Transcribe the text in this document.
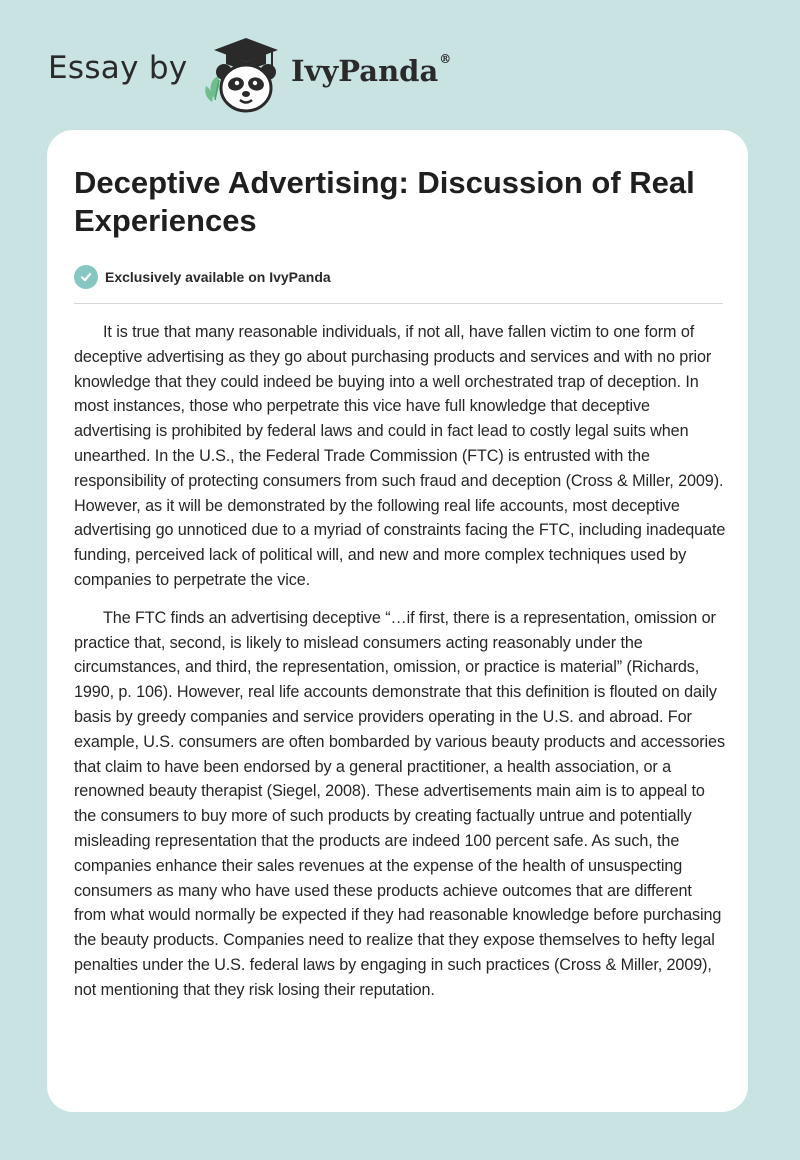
Essay by	IvyPanda®
Deceptive Advertising: Discussion of Real Experiences
Exclusively available on IvyPanda

It is true that many reasonable individuals, if not all, have fallen victim to one form of deceptive advertising as they go about purchasing products and services and with no prior knowledge that they could indeed be buying into a well orchestrated trap of deception. In most instances, those who perpetrate this vice have full knowledge that deceptive advertising is prohibited by federal laws and could in fact lead to costly legal suits when unearthed. In the U.S., the Federal Trade Commission (FTC) is entrusted with the responsibility of protecting consumers from such fraud and deception (Cross & Miller, 2009). However, as it will be demonstrated by the following real life accounts, most deceptive advertising go unnoticed due to a myriad of constraints facing the FTC, including inadequate funding, perceived lack of political will, and new and more complex techniques used by companies to perpetrate the vice.

The FTC finds an advertising deceptive “…if first, there is a representation, omission or practice that, second, is likely to mislead consumers acting reasonably under the circumstances, and third, the representation, omission, or practice is material” (Richards, 1990, p. 106). However, real life accounts demonstrate that this definition is flouted on daily basis by greedy companies and service providers operating in the U.S. and abroad. For example, U.S. consumers are often bombarded by various beauty products and accessories that claim to have been endorsed by a general practitioner, a health association, or a renowned beauty therapist (Siegel, 2008). These advertisements main aim is to appeal to the consumers to buy more of such products by creating factually untrue and potentially misleading representation that the products are indeed 100 percent safe. As such, the companies enhance their sales revenues at the expense of the health of unsuspecting consumers as many who have used these products achieve outcomes that are different from what would normally be expected if they had reasonable knowledge before purchasing the beauty products. Companies need to realize that they expose themselves to hefty legal penalties under the U.S. federal laws by engaging in such practices (Cross & Miller, 2009), not mentioning that they risk losing their reputation.
